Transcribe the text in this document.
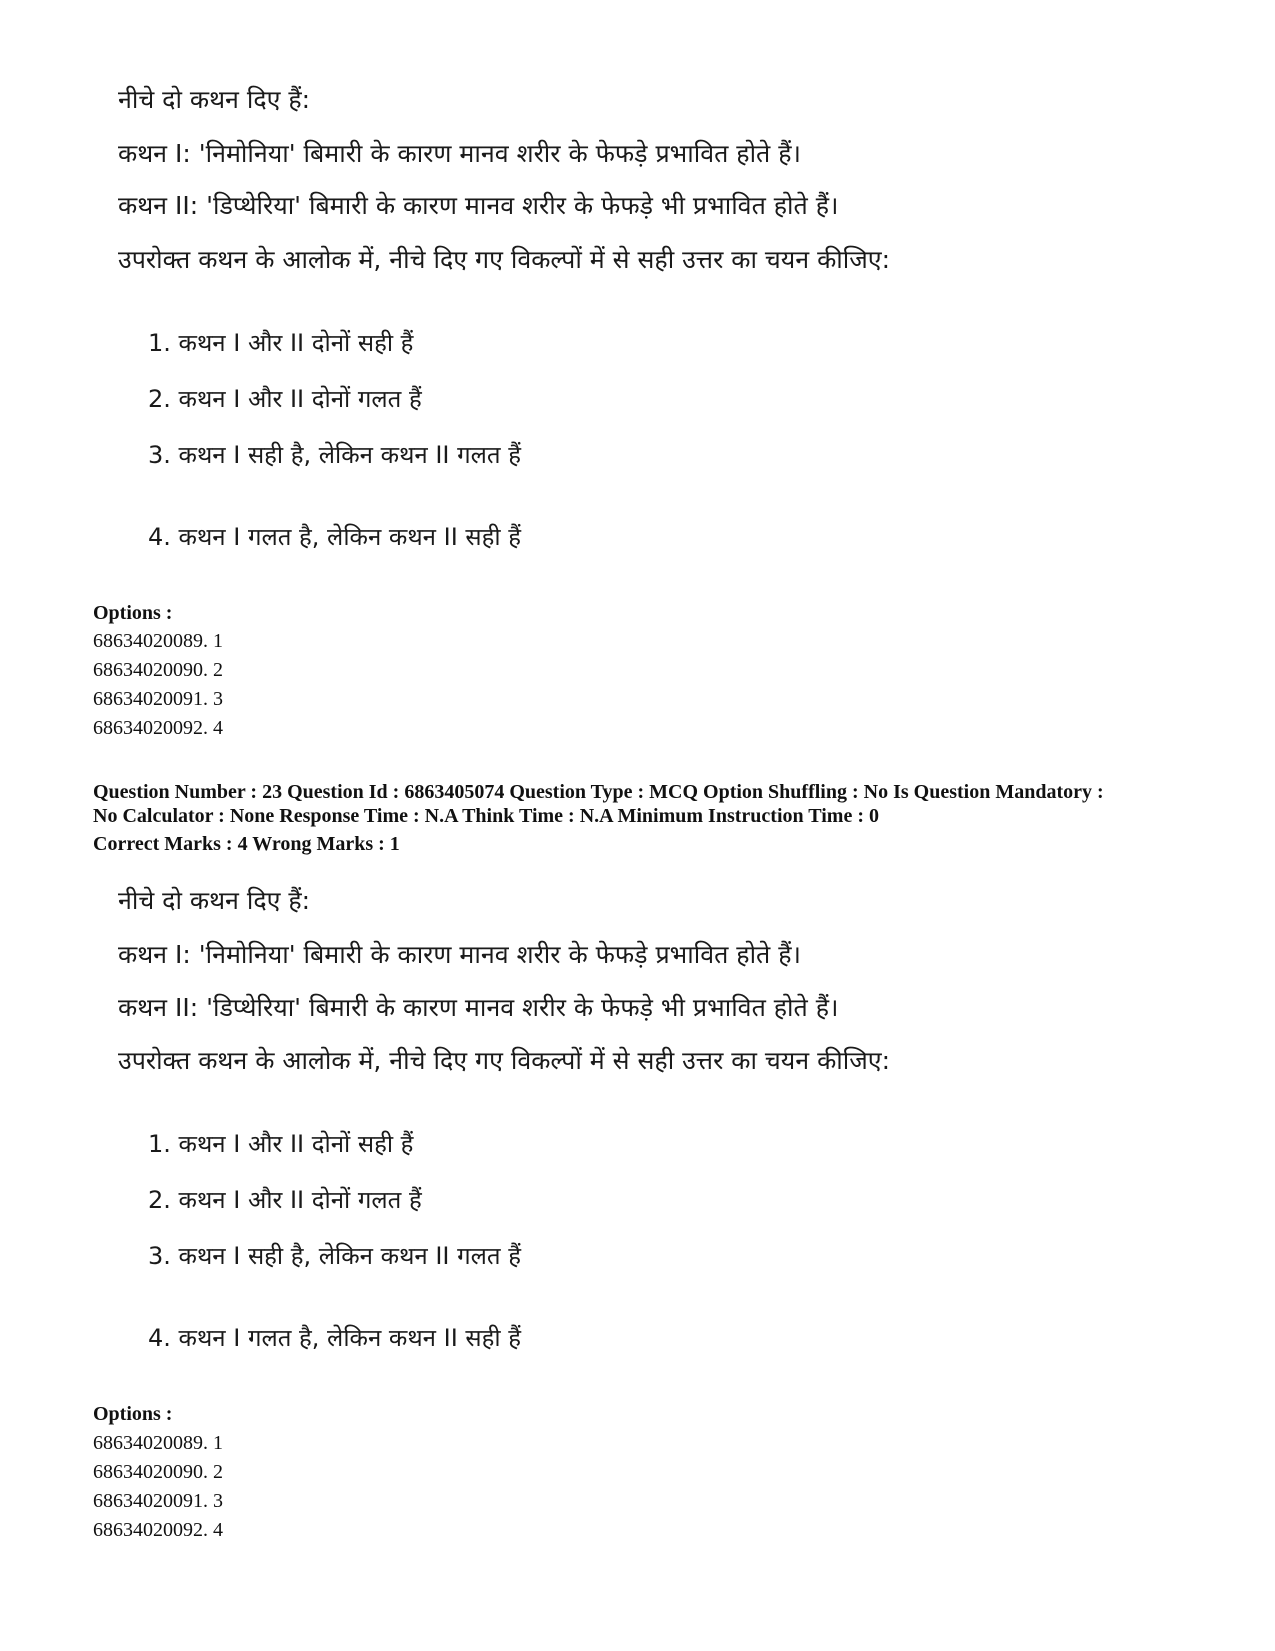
नीचे दो कथन दिए हैं:
कथन I: 'निमोनिया' बिमारी के कारण मानव शरीर के फेफड़े प्रभावित होते हैं।
कथन II: 'डिप्थेरिया' बिमारी के कारण मानव शरीर के फेफड़े भी प्रभावित होते हैं।
उपरोक्त कथन के आलोक में, नीचे दिए गए विकल्पों में से सही उत्तर का चयन कीजिए:
1. कथन I और II दोनों सही हैं
2. कथन I और II दोनों गलत हैं
3. कथन I सही है, लेकिन कथन II गलत हैं
4. कथन I गलत है, लेकिन कथन II सही हैं
Options :
68634020089. 1
68634020090. 2
68634020091. 3
68634020092. 4
Question Number : 23 Question Id : 6863405074 Question Type : MCQ Option Shuffling : No Is Question Mandatory :
No Calculator : None Response Time : N.A Think Time : N.A Minimum Instruction Time : 0
Correct Marks : 4 Wrong Marks : 1
नीचे दो कथन दिए हैं:
कथन I: 'निमोनिया' बिमारी के कारण मानव शरीर के फेफड़े प्रभावित होते हैं।
कथन II: 'डिप्थेरिया' बिमारी के कारण मानव शरीर के फेफड़े भी प्रभावित होते हैं।
उपरोक्त कथन के आलोक में, नीचे दिए गए विकल्पों में से सही उत्तर का चयन कीजिए:
1. कथन I और II दोनों सही हैं
2. कथन I और II दोनों गलत हैं
3. कथन I सही है, लेकिन कथन II गलत हैं
4. कथन I गलत है, लेकिन कथन II सही हैं
Options :
68634020089. 1
68634020090. 2
68634020091. 3
68634020092. 4
